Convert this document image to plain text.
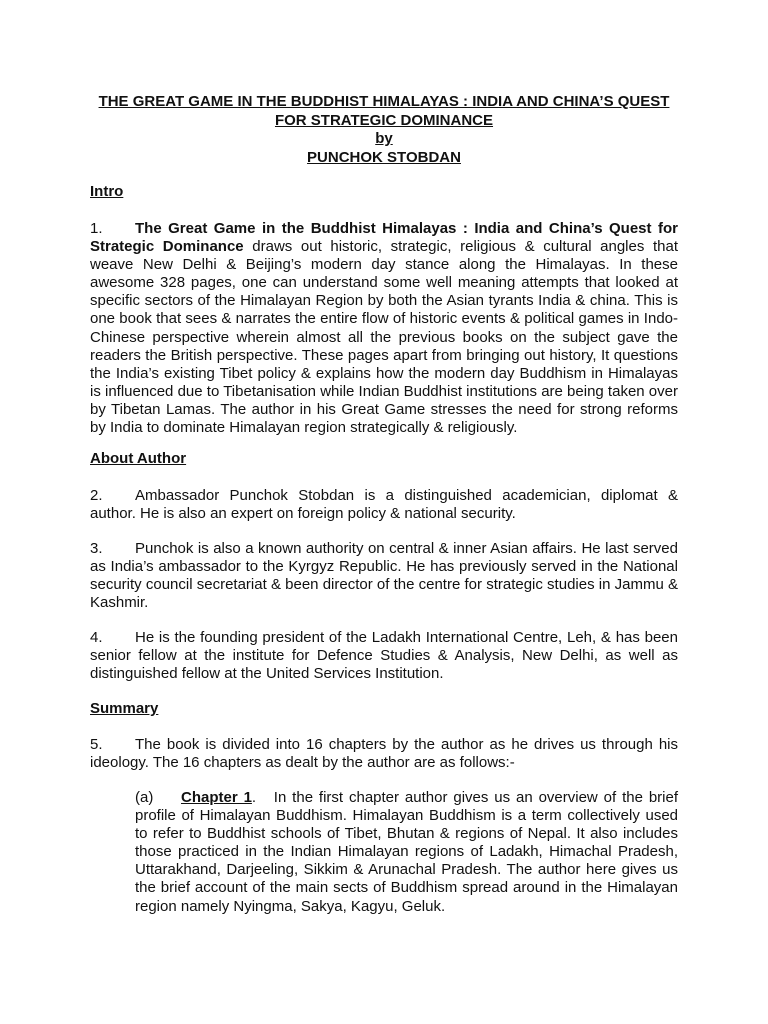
THE GREAT GAME IN THE BUDDHIST HIMALAYAS : INDIA AND CHINA’S QUEST
FOR STRATEGIC DOMINANCE
by
PUNCHOK STOBDAN
Intro
1. The Great Game in the Buddhist Himalayas : India and China’s Quest for Strategic Dominance draws out historic, strategic, religious & cultural angles that weave New Delhi & Beijing’s modern day stance along the Himalayas. In these awesome 328 pages, one can understand some well meaning attempts that looked at specific sectors of the Himalayan Region by both the Asian tyrants India & china. This is one book that sees & narrates the entire flow of historic events & political games in Indo-Chinese perspective wherein almost all the previous books on the subject gave the readers the British perspective. These pages apart from bringing out history, It questions the India’s existing Tibet policy & explains how the modern day Buddhism in Himalayas is influenced due to Tibetanisation while Indian Buddhist institutions are being taken over by Tibetan Lamas. The author in his Great Game stresses the need for strong reforms by India to dominate Himalayan region strategically & religiously.
About Author
2. Ambassador Punchok Stobdan is a distinguished academician, diplomat & author. He is also an expert on foreign policy & national security.
3. Punchok is also a known authority on central & inner Asian affairs. He last served as India’s ambassador to the Kyrgyz Republic. He has previously served in the National security council secretariat & been director of the centre for strategic studies in Jammu & Kashmir.
4. He is the founding president of the Ladakh International Centre, Leh, & has been senior fellow at the institute for Defence Studies & Analysis, New Delhi, as well as distinguished fellow at the United Services Institution.
Summary
5. The book is divided into 16 chapters by the author as he drives us through his ideology. The 16 chapters as dealt by the author are as follows:-
(a) Chapter 1.   In the first chapter author gives us an overview of the brief profile of Himalayan Buddhism. Himalayan Buddhism is a term collectively used to refer to Buddhist schools of Tibet, Bhutan & regions of Nepal. It also includes those practiced in the Indian Himalayan regions of Ladakh, Himachal Pradesh, Uttarakhand, Darjeeling, Sikkim & Arunachal Pradesh. The author here gives us the brief account of the main sects of Buddhism spread around in the Himalayan region namely Nyingma, Sakya, Kagyu, Geluk.
